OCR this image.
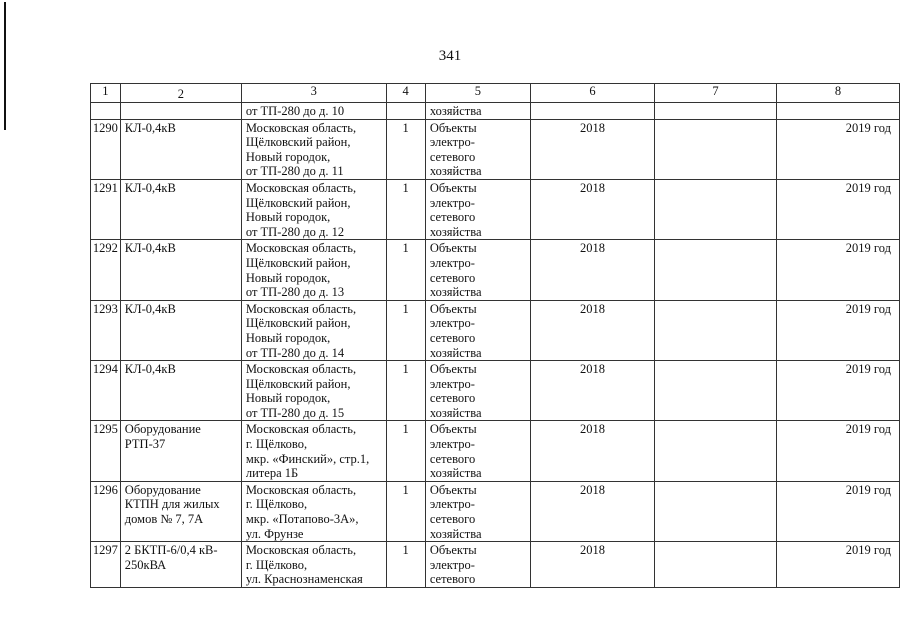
341
1	2	3	4	5	6	7	8
		от ТП-280 до д. 10		хозяйства			
1290	КЛ-0,4кВ	Московская область,
Щёлковский район,
Новый городок,
от ТП-280 до д. 11	1	Объекты
электро-
сетевого
хозяйства	2018		2019 год
1291	КЛ-0,4кВ	Московская область,
Щёлковский район,
Новый городок,
от ТП-280 до д. 12	1	Объекты
электро-
сетевого
хозяйства	2018		2019 год
1292	КЛ-0,4кВ	Московская область,
Щёлковский район,
Новый городок,
от ТП-280 до д. 13	1	Объекты
электро-
сетевого
хозяйства	2018		2019 год
1293	КЛ-0,4кВ	Московская область,
Щёлковский район,
Новый городок,
от ТП-280 до д. 14	1	Объекты
электро-
сетевого
хозяйства	2018		2019 год
1294	КЛ-0,4кВ	Московская область,
Щёлковский район,
Новый городок,
от ТП-280 до д. 15	1	Объекты
электро-
сетевого
хозяйства	2018		2019 год
1295	Оборудование
РТП-37	Московская область,
г. Щёлково,
мкр. «Финский», стр.1,
литера 1Б	1	Объекты
электро-
сетевого
хозяйства	2018		2019 год
1296	Оборудование
КТПН для жилых
домов № 7, 7А	Московская область,
г. Щёлково,
мкр. «Потапово-3А»,
ул. Фрунзе	1	Объекты
электро-
сетевого
хозяйства	2018		2019 год
1297	2 БКТП-6/0,4 кВ-
250кВА	Московская область,
г. Щёлково,
ул. Краснознаменская	1	Объекты
электро-
сетевого	2018		2019 год
